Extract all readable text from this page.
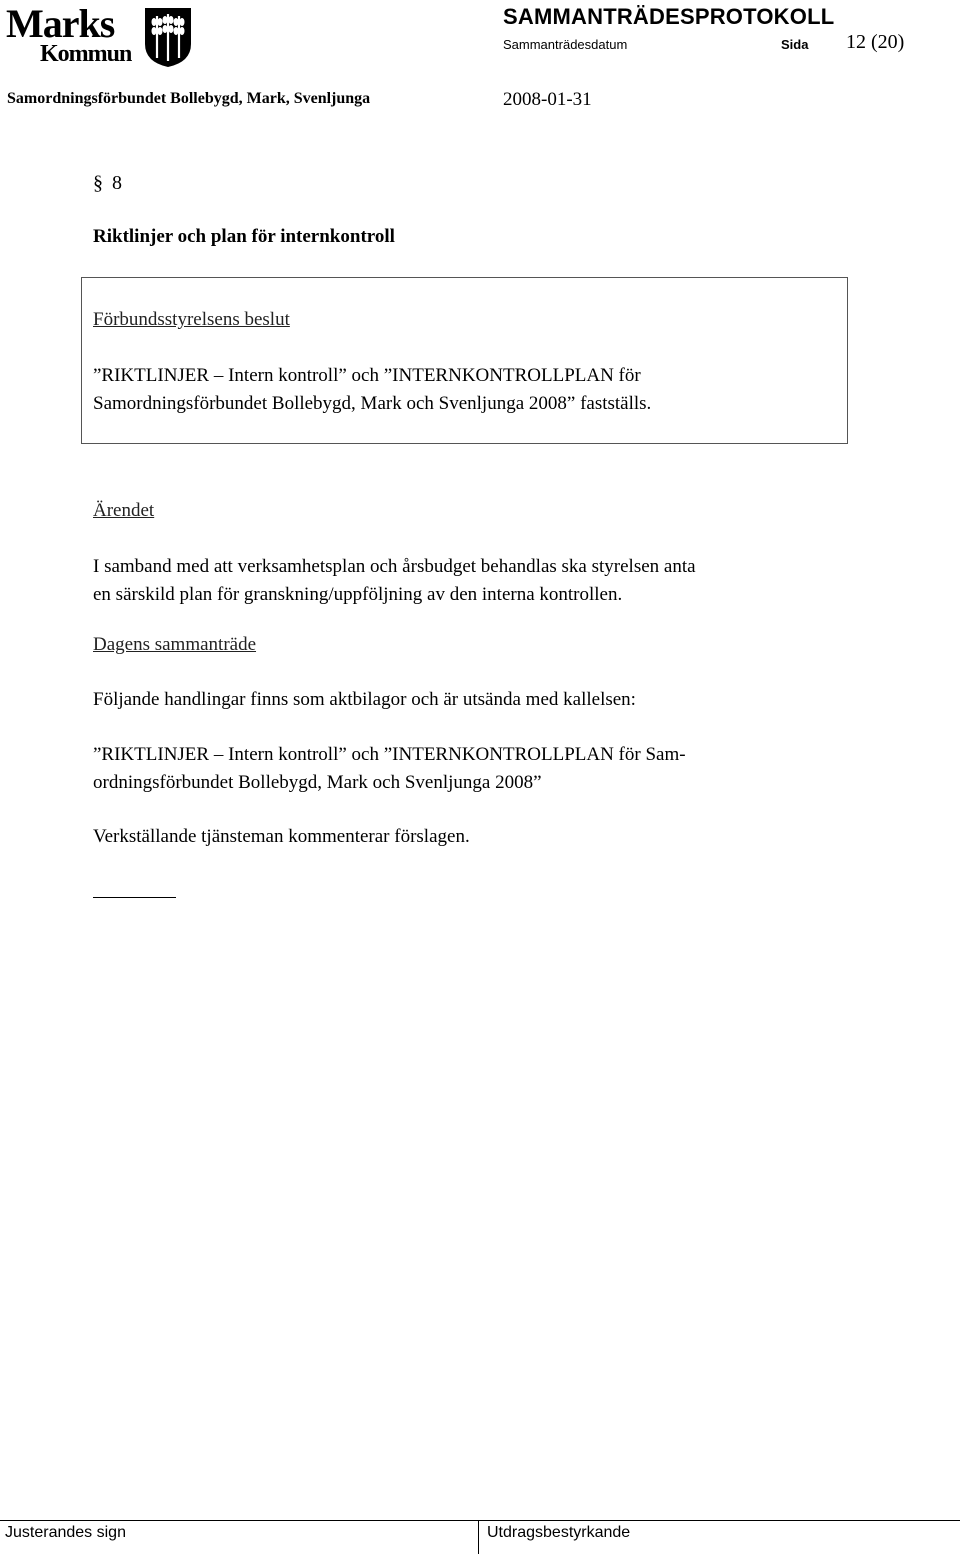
Marks
Kommun
SAMMANTRÄDESPROTOKOLL
Sammanträdesdatum	Sida 12 (20)
Samordningsförbundet Bollebygd, Mark, Svenljunga	2008-01-31
§ 8
Riktlinjer och plan för internkontroll
Förbundsstyrelsens beslut
”RIKTLINJER – Intern kontroll” och ”INTERNKONTROLLPLAN för
Samordningsförbundet Bollebygd, Mark och Svenljunga 2008” fastställs.
Ärendet
I samband med att verksamhetsplan och årsbudget behandlas ska styrelsen anta
en särskild plan för granskning/uppföljning av den interna kontrollen.
Dagens sammanträde
Följande handlingar finns som aktbilagor och är utsända med kallelsen:
”RIKTLINJER – Intern kontroll” och ”INTERNKONTROLLPLAN för Sam-
ordningsförbundet Bollebygd, Mark och Svenljunga 2008”
Verkställande tjänsteman kommenterar förslagen.
Justerandes sign	Utdragsbestyrkande
